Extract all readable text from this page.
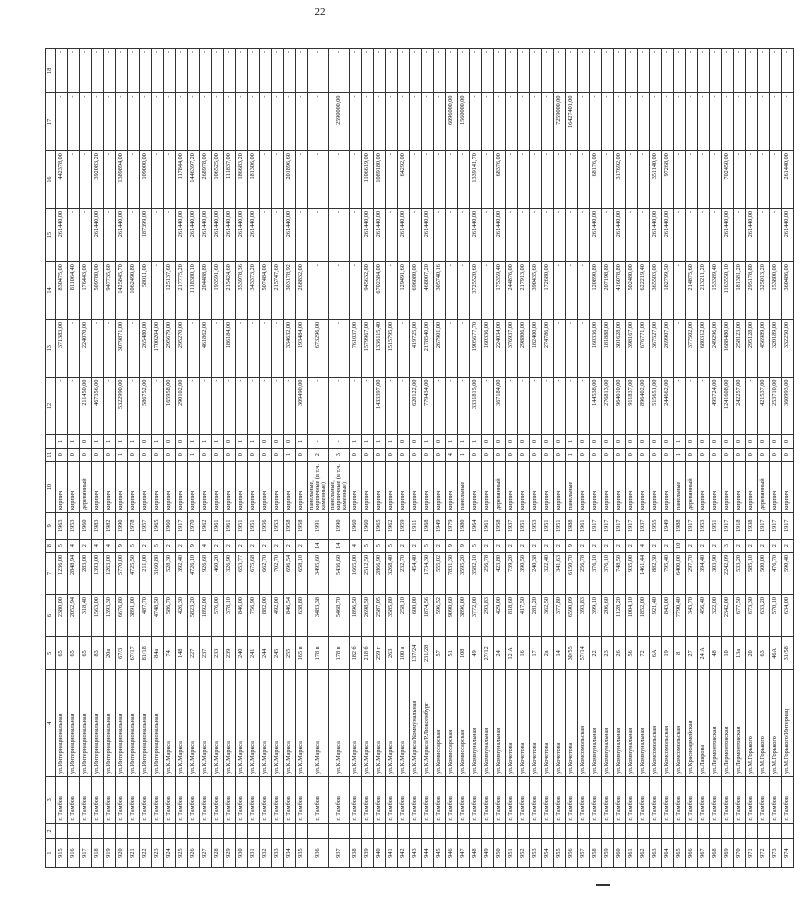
22
1	2	3	4	5	6	7	8	9	10	11		12	13	14	15	16	17	18
915		г. Тамбов	ул.Интернациональная	65	2380,00	1236,00	5	1963	кирпич	0	1	-	371383,00	830475,00	261440,00	442378,00	-	-
916		г. Тамбов	ул.Интернациональная	65	2052,94	2848,94	4	1953	кирпич	0	1	-	-	811064,40	-	-	-	-
917		г. Тамбов	ул.Интернациональная	65	318,40	283,00	2	1960	деревянный	0	0	211450,00	224070,00	176443,00	-	-	-	-
918		г. Тамбов	ул.Интернациональная	83	1563,00	1393,00	4	1983	кирпич	0	1	467356,00	-	509780,00	261440,00	392083,20	-	-
919		г. Тамбов	ул.Интернациональная	20а	1393,30	1263,00	4	1982	кирпич	0	1	-	-	947735,60	-	-	-	-
920		г. Тамбов	ул.Интернациональная	67/3	6676,80	5770,00	9	1990	кирпич	1	1	5322990,00	3079871,00	1425845,70	261440,00	1389894,00	-	-
921		г. Тамбов	ул.Интернациональная	67/17	3891,00	4725,50	5	1978	кирпич	0	1	-	-	1062490,80	-	-	-	-
922		г. Тамбов	ул.Интернациональная	81/18	487,70	211,00	2	1957	кирпич	0	0	586752,00	265480,00	58011,00	187399,00	109000,00	-	-
923		г. Тамбов	ул.Интернациональная	84а	4748,50	3160,80	5	1965	кирпич	0	1	-	1700204,00	-	-	-	-	-
924		г. Тамбов	ул.К.Маркса	74	586,70	528,30	2	1960	кирпич	0	0	165958,00	295679,00	125137,60	-	-	-	-
925		г. Тамбов	ул.К.Маркса	148	426,30	392,40	2	1917	кирпич	0	0	290102,00	295270,00	217775,20	261440,00	117844,00	-	-
926		г. Тамбов	ул.К.Маркса	227	5823,20	4726,10	9	1970	кирпич	1	1	-	-	1118380,10	261440,00	1446397,20	-	-
927		г. Тамбов	ул.К.Маркса	237	1892,00	926,60	4	1962	кирпич	0	1	-	461862,00	204488,80	261440,00	268978,00	-	-
928		г. Тамбов	ул.К.Маркса	233	576,00	460,20	2	1961	кирпич	0	1	-	-	193591,60	261440,00	106525,00	-	-
929		г. Тамбов	ул.К.Маркса	239	378,10	326,90	2	1961	кирпич	0	0	-	186184,00	215424,60	261440,00	111837,00	-	-
930		г. Тамбов	ул.К.Маркса	240	846,00	653,77	2	1951	кирпич	0	1	-	-	353978,36	261440,00	186683,20	-	-
931		г. Тамбов	ул.К.Маркса	241	756,90	675,68	2	1951	кирпич	0	1	-	-	343373,20	261440,00	181306,00	-	-
932		г. Тамбов	ул.К.Маркса	244	882,00	662,70	2	1956	кирпич	0	0	-	-	507484,00	-	-	-	-
933		г. Тамбов	ул.К.Маркса	245	492,00	702,70	2	1953	кирпич	0	0	-	-	215747,60	-	-	-	-
934		г. Тамбов	ул.К.Маркса	255	846,54	696,54	2	1958	кирпич	1	0	-	334632,00	303178,92	261440,00	201896,60	-	-
935		г. Тамбов	ул.К.Маркса	165 в	638,80	658,10	2	1958	кирпич	0	1	309490,00	193484,00	268832,00	-	-	-	-
936		г. Тамбов	ул.К.Маркса	178 в	3483,38	3495,60	14	1991	панельные, кирпичные (в т.ч. каменные)	2	-	-	673296,00	-	-	-	-	-
937		г. Тамбов	ул.К.Маркса	178 в	5468,70	5436,60	14	1990	панельные, кирпичные (в т.ч. каменные)	3	-	-	-	-	-	-	2590000,00	-
938		г. Тамбов	ул.К.Маркса	182 б	1896,50	1665,00	4	1960	кирпич	0	1	-	761037,00	-	-	-	-	-
939		г. Тамбов	ул.К.Маркса	218 б	2698,50	2512,50	5	1960	кирпич	0	1	-	1579967,00	945632,80	261440,00	1106619,00	-	-
940		г. Тамбов	ул.К.Маркса	259 г	2587,05	2866,90	5	1965	кирпич	0	1	1433397,00	1336115,40	6702384,00	261440,00	1089180,00	-	-
941		г. Тамбов	ул.К.Маркса	263	3585,80	3268,40	5	1962	кирпич	0	1	-	1515795,00	-	-	-	-	-
942		г. Тамбов	ул.К.Маркса	100 а	258,10	232,70	2	1959	кирпич	0	0	-	-	129491,60	261440,00	64292,00	-	-
943		г. Тамбов	ул.К.Маркса/Коммунальная	137/24	600,00	454,40	2	1911	кирпич	0	0	620122,00	419725,00	696080,00	-	-	-	-
944		г. Тамбов	ул.К.Маркса/Р.Люксембург	231/28	1874,56	1734,30	5	1968	кирпич	0	1	779434,00	2178540,00	468007,20	261440,00	-	-	-
945		г. Тамбов	ул.Комиссарская	57	596,52	555,02	2	1949	кирпич	0	0	-	267901,00	305740,16	-	-	-	-
946		г. Тамбов	ул.Комиссарская	51	9090,60	7831,30	9	1979	кирпич	4	1	-	-	-	-	-	6096000,00	-
947		г. Тамбов	ул.Комиссарская	108	3896,00	3595,20	9	1980	панельные	1	1	-	-	-	-	-	1560000,00	-
948		г. Тамбов	ул.Коммунальная	49	3772,00	3582,10	5	1964	кирпич	0	1	3331815,00	1905677,70	3725520,60	261440,00	1339141,70	-	-
949		г. Тамбов	ул.Коммунальная	27/12	293,83	256,78	2	1961	кирпич	0	0	-	160336,00	-	-	-	-	-
950		г. Тамбов	ул.Коммунальная	24	429,00	423,80	2	1958	деревянный	0	0	367184,00	224034,00	175359,40	261440,00	68376,00	-	-
951		г. Тамбов	ул.Кочетова	12 А	818,60	739,20	2	1937	кирпич	0	0	-	376937,00	244876,00	-	-	-	-
952		г. Тамбов	ул.Кочетова	16	417,50	390,50	2	1951	кирпич	0	0	-	298806,00	217913,00	-	-	-	-
953		г. Тамбов	ул.Кочетова	17	281,20	240,38	2	1953	кирпич	0	0	-	182400,00	390435,60	-	-	-	-
954		г. Тамбов	ул.Кочетова	2а	362,50	322,40	2	1951	кирпич	0	0	-	274786,00	172680,00	-	-	-	-
955		г. Тамбов	ул.Кочетова	14	377,80	341,63	2	1951	кирпич	0	0	-	-	-	-	-	7259000,00	-
956		г. Тамбов	ул.Кочетова	30/55	6590,09	6150,70	9	1988	панельные	1	1	-	-	-	-	-	16427401,00	-
957		г. Тамбов	ул.Комсомольская	57/14	393,83	256,78	2	1961	кирпич	0	0	-	-	-	-	-	-	-
958		г. Тамбов	ул.Коммунальная	22	399,10	376,10	2	1917	кирпич	0	0	144538,00	160336,00	120890,80	261440,00	68176,00	-	-
959		г. Тамбов	ул.Коммунальная	23	206,60	376,10	2	1917	кирпич	0	0	276813,00	181888,00	207198,80	-	-	-	-
960		г. Тамбов	ул.Коммунальная	26	1128,20	748,50	2	1917	кирпич	0	0	964010,00	301628,00	416078,80	261440,00	317692,00	-	-
961		г. Тамбов	ул.Коммунальная	56	1004,10	935,00	2	1917	кирпич	0	0	911837,00	398167,00	502480,00	-	-	-	-
962		г. Тамбов	ул.Коммунальная	72	1852,00	1461,44	4	1937	кирпич	0	0	896402,00	676771,00	622219,40	-	-	-	-
963		г. Тамбов	ул.Комсомольская	6А	921,40	882,30	2	1955	кирпич	0	0	515651,00	367527,00	365503,00	261440,00	351140,00	-	-
964		г. Тамбов	ул.Комсомольская	19	843,00	795,40	2	1949	кирпич	0	0	244662,00	269907,00	182799,50	261440,00	97268,00	-	-
965		г. Тамбов	ул.Комсомольская	8	7790,40	6400,00	10	1988	панельные	1	1	-	-	-	-	-	-	-
966		г. Тамбов	ул.Красноармейская	27	343,70	297,70	2	1917	деревянный	0	0	-	377502,00	214875,60	-	-	-	-
967		г. Тамбов	ул.Лаврова	24 А	456,40	394,40	2	1953	кирпич	0	0	-	680312,00	213211,20	-	-	-	-
968		г. Тамбов	ул.Лермонтовская	48	322,00	303,90	2	1951	кирпич	0	0	495724,00	249296,00	153389,40	-	-	-	-
969		г. Тамбов	ул.Лермонтовская	10	2342,00	2242,09	3	1917	кирпич	0	0	1241608,00	1688480,00	1163550,10	261440,00	702450,00	-	-
970		г. Тамбов	ул.Лермонтовская	13а	677,50	533,20	2	1918	кирпич	0	0	242257,00	258123,00	181381,20	-	-	-	-
971		г. Тамбов	ул.М.Горького	20	673,30	585,10	2	1938	кирпич	0	0	-	295128,00	295178,80	261440,00	-	-	-
972		г. Тамбов	ул.М.Горького	63	633,20	500,00	2	1917	деревянный	0	0	421537,00	456989,00	325013,20	-	-	-	-
973		г. Тамбов	ул.М.Горького	46А	570,10	476,70	2	1917	кирпич	0	0	253710,00	320189,00	153800,00	-	-	-	-
974		г. Тамбов	ул.М.Горького/Интернац	31/58	634,00	590,40	2	1917	кирпич	0	0	360993,00	332250,00	360486,00	261440,00	261440,00	-	-
